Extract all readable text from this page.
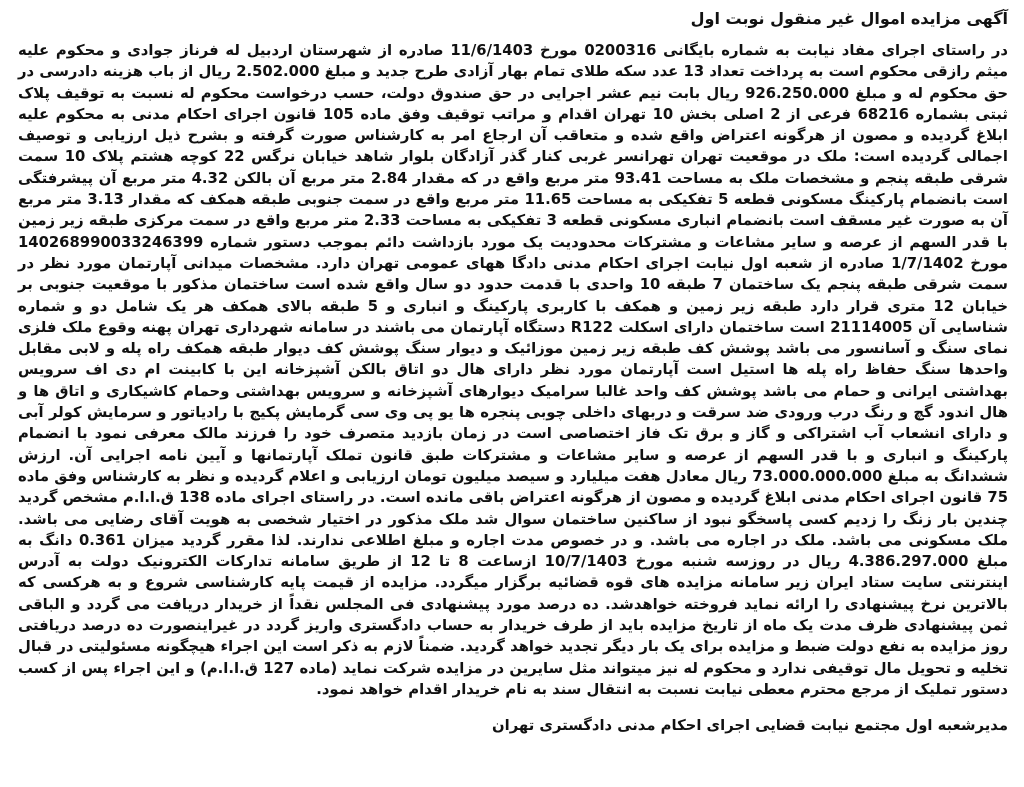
آگهی مزایده اموال غیر منقول نوبت اول

در راستای اجرای مفاد نیابت به شماره بایگانی 0200316 مورخ 11/6/1403 صادره از شهرستان اردبیل له فرناز جوادی و محکوم علیه میثم رازقی محکوم است به پرداخت تعداد 13 عدد سکه طلای تمام بهار آزادی طرح جدید و مبلغ 2.502.000 ریال از باب هزینه دادرسی در حق محکوم له و مبلغ 926.250.000 ریال بابت نیم عشر اجرایی در حق صندوق دولت، حسب درخواست محکوم له نسبت به توقیف پلاک ثبتی بشماره 68216 فرعی از 2 اصلی بخش 10 تهران اقدام و مراتب توقیف وفق ماده 105 قانون اجرای احکام مدنی به محکوم علیه ابلاغ گردیده و مصون از هرگونه اعتراض واقع شده و متعاقب آن ارجاع امر به کارشناس صورت گرفته و بشرح ذیل ارزیابی و توصیف اجمالی گردیده است: ملک در موقعیت تهران تهرانسر غربی کنار گذر آزادگان بلوار شاهد خیابان نرگس 22 کوچه هشتم پلاک 10 سمت شرقی طبقه پنجم و مشخصات ملک به مساحت 93.41 متر مربع واقع در که مقدار 2.84 متر مربع آن بالکن 4.32 متر مربع آن پیشرفتگی است بانضمام پارکینگ مسکونی قطعه 5 تفکیکی به مساحت 11.65 متر مربع واقع در سمت جنوبی طبقه همکف که مقدار 3.13 متر مربع آن به صورت غیر مسقف است بانضمام انباری مسکونی قطعه 3 تفکیکی به مساحت 2.33 متر مربع واقع در سمت مرکزی طبقه زیر زمین با قدر السهم از عرصه و سایر مشاعات و مشترکات محدودیت یک مورد بازداشت دائم بموجب دستور شماره 140268990033246399 مورخ 1/7/1402 صادره از شعبه اول نیابت اجرای احکام مدنی دادگا ههای عمومی تهران دارد. مشخصات میدانی آپارتمان مورد نظر در سمت شرقی طبقه پنجم یک ساختمان 7 طبقه 10 واحدی با قدمت حدود دو سال واقع شده است ساختمان مذکور با موقعیت جنوبی بر خیابان 12 متری قرار دارد طبقه زیر زمین و همکف با کاربری پارکینگ و انباری و 5 طبقه بالای همکف هر یک شامل دو و شماره شناسایی آن 21114005 است ساختمان دارای اسکلت R122 دستگاه آپارتمان می باشند در سامانه شهرداری تهران پهنه وقوع ملک فلزی نمای سنگ و آسانسور می باشد پوشش کف طبقه زیر زمین موزائیک و دیوار سنگ پوشش کف دیوار طبقه همکف راه پله و لابی مقابل واحدها سنگ حفاظ راه پله ها استیل است آپارتمان مورد نظر دارای هال دو اتاق بالکن آشپزخانه این با کابینت ام دی اف سرویس بهداشتی ایرانی و حمام می باشد پوشش کف واحد غالبا سرامیک دیوارهای آشپزخانه و سرویس بهداشتی وحمام کاشیکاری و اتاق ها و هال اندود گچ و رنگ درب ورودی ضد سرقت و دربهای داخلی چوبی پنجره ها یو پی وی سی گرمایش پکیج با رادیاتور و سرمایش کولر آبی و دارای انشعاب آب اشتراکی و گاز و برق تک فاز اختصاصی است در زمان بازدید متصرف خود را فرزند مالک معرفی نمود با انضمام پارکینگ و انباری و با قدر السهم از عرصه و سایر مشاعات و مشترکات طبق قانون تملک آپارتمانها و آیین نامه اجرایی آن. ارزش ششدانگ به مبلغ 73.000.000.000 ریال معادل هفت میلیارد و سیصد میلیون تومان ارزیابی و اعلام گردیده و نظر به کارشناس وفق ماده 75 قانون اجرای احکام مدنی ابلاغ گردیده و مصون از هرگونه اعتراض باقی مانده است. در راستای اجرای ماده 138 ق.ا.ا.م مشخص گردید چندین بار زنگ را زدیم کسی پاسخگو نبود از ساکنین ساختمان سوال شد ملک مذکور در اختیار شخصی به هویت آقای رضایی می باشد. ملک مسکونی می باشد. ملک در اجاره می باشد. و در خصوص مدت اجاره و مبلغ اطلاعی ندارند. لذا مقرر گردید میزان 0.361 دانگ به مبلغ 4.386.297.000 ریال در روزسه شنبه مورخ 10/7/1403 ازساعت 8 تا 12 از طریق سامانه تدارکات الکترونیک دولت به آدرس اینترنتی سایت ستاد ایران زیر سامانه مزایده های قوه قضائیه برگزار میگردد. مزایده از قیمت پایه کارشناسی شروع و به هرکسی که بالاترین نرخ پیشنهادی را ارائه نماید فروخته خواهدشد. ده درصد مورد پیشنهادی فی المجلس نقداً از خریدار دریافت می گردد و الباقی ثمن پیشنهادی ظرف مدت یک ماه از تاریخ مزایده باید از طرف خریدار به حساب دادگستری واریز گردد در غیراینصورت ده درصد دریافتی روز مزایده به نفع دولت ضبط و مزایده برای یک بار دیگر تجدید خواهد گردید. ضمناً لازم به ذکر است این اجراء هیچگونه مسئولیتی در قبال تخلیه و تحویل مال توقیفی ندارد و محکوم له نیز میتواند مثل سایرین در مزایده شرکت نماید (ماده 127 ق.ا.ا.م) و این اجراء پس از کسب دستور تملیک از مرجع محترم معطی نیابت نسبت به انتقال سند به نام خریدار اقدام خواهد نمود.

مدیرشعبه اول مجتمع نیابت قضایی اجرای احکام مدنی دادگستری تهران
